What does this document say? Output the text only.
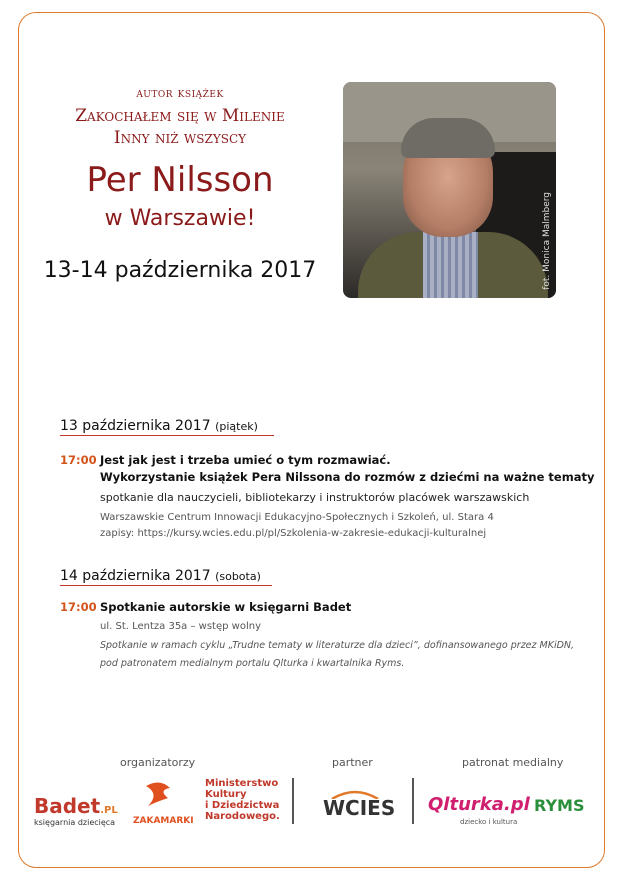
autor książek
Zakochałem się w Milenie
Inny niż wszyscy
Per Nilsson
w Warszawie!
13-14 października 2017	fot. Monica Malmberg
13 października 2017 (piątek)
17:00 Jest jak jest i trzeba umieć o tym rozmawiać.
Wykorzystanie książek Pera Nilssona do rozmów z dziećmi na ważne tematy
spotkanie dla nauczycieli, bibliotekarzy i instruktorów placówek warszawskich
Warszawskie Centrum Innowacji Edukacyjno-Społecznych i Szkoleń, ul. Stara 4
zapisy: https://kursy.wcies.edu.pl/pl/Szkolenia-w-zakresie-edukacji-kulturalnej
14 października 2017 (sobota)
17:00 Spotkanie autorskie w księgarni Badet
ul. St. Lentza 35a – wstęp wolny
Spotkanie w ramach cyklu „Trudne tematy w literaturze dla dzieci”, dofinansowanego przez MKiDN,
pod patronatem medialnym portalu Qlturka i kwartalnika Ryms.
organizatorzy	partner	patronat medialny
Badet.PL
księgarnia dziecięca ZAKAMARKI
Ministerstwo
Kultury
i Dziedzictwa
Narodowego. WCIES Qlturka.pl
dziecko i kultura
RYMS
